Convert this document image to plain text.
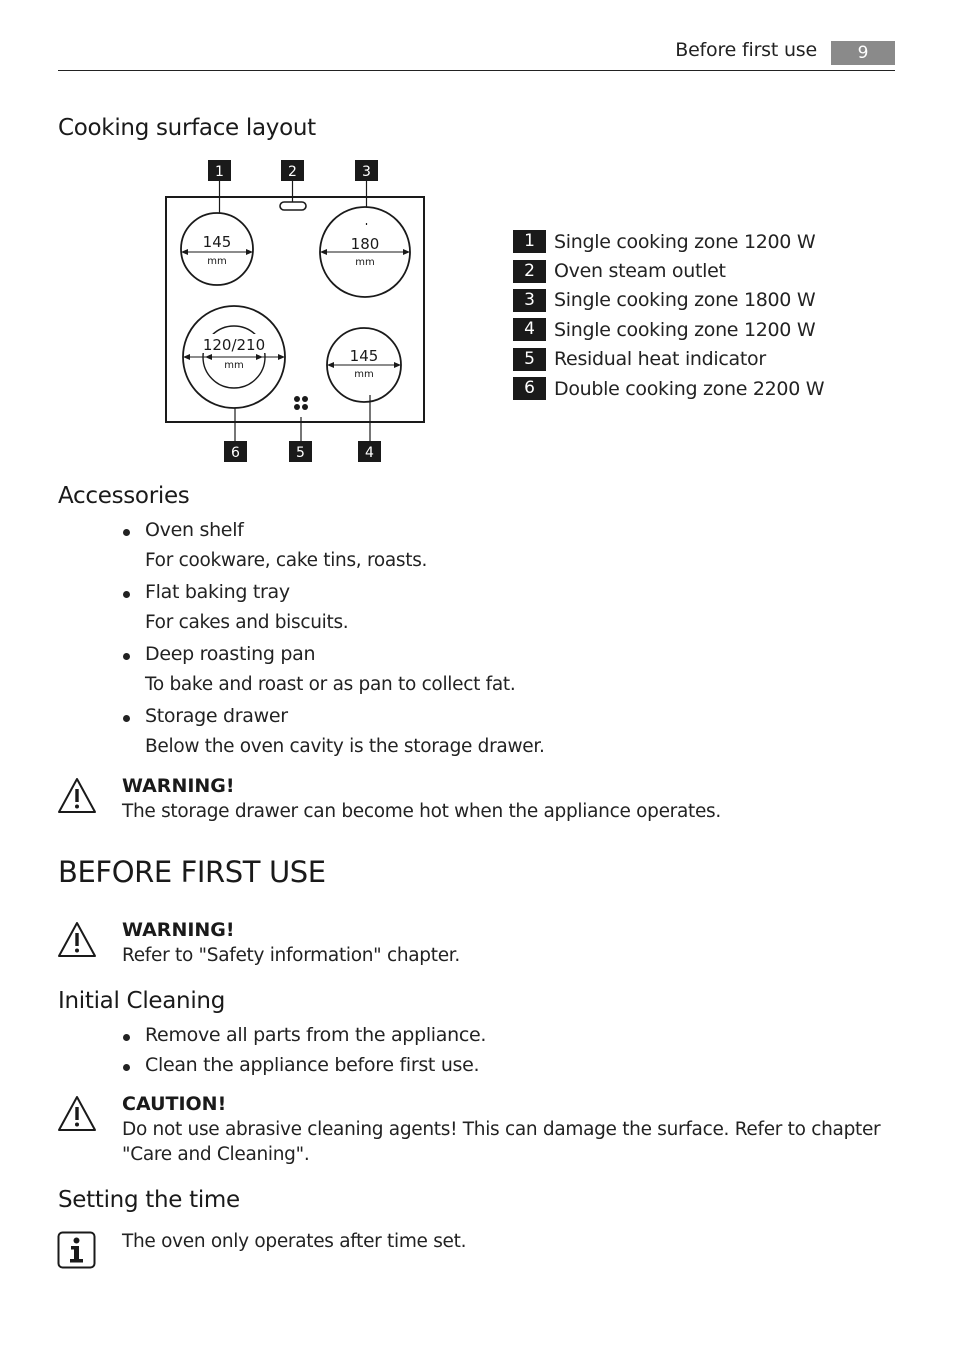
Before first use	9
Cooking surface layout
1	2	3
145
mm
180
mm
120/210
mm
145
mm
6	5	4
1	Single cooking zone 1200 W
2	Oven steam outlet
3	Single cooking zone 1800 W
4	Single cooking zone 1200 W
5	Residual heat indicator
6	Double cooking zone 2200 W
Accessories
Oven shelf
For cookware, cake tins, roasts.
Flat baking tray
For cakes and biscuits.
Deep roasting pan
To bake and roast or as pan to collect fat.
Storage drawer
Below the oven cavity is the storage drawer.
WARNING!
The storage drawer can become hot when the appliance operates.
BEFORE FIRST USE
WARNING!
Refer to "Safety information" chapter.
Initial Cleaning
Remove all parts from the appliance.
Clean the appliance before first use.
CAUTION!
Do not use abrasive cleaning agents! This can damage the surface. Refer to chapter "Care and Cleaning".
Setting the time
The oven only operates after time set.
